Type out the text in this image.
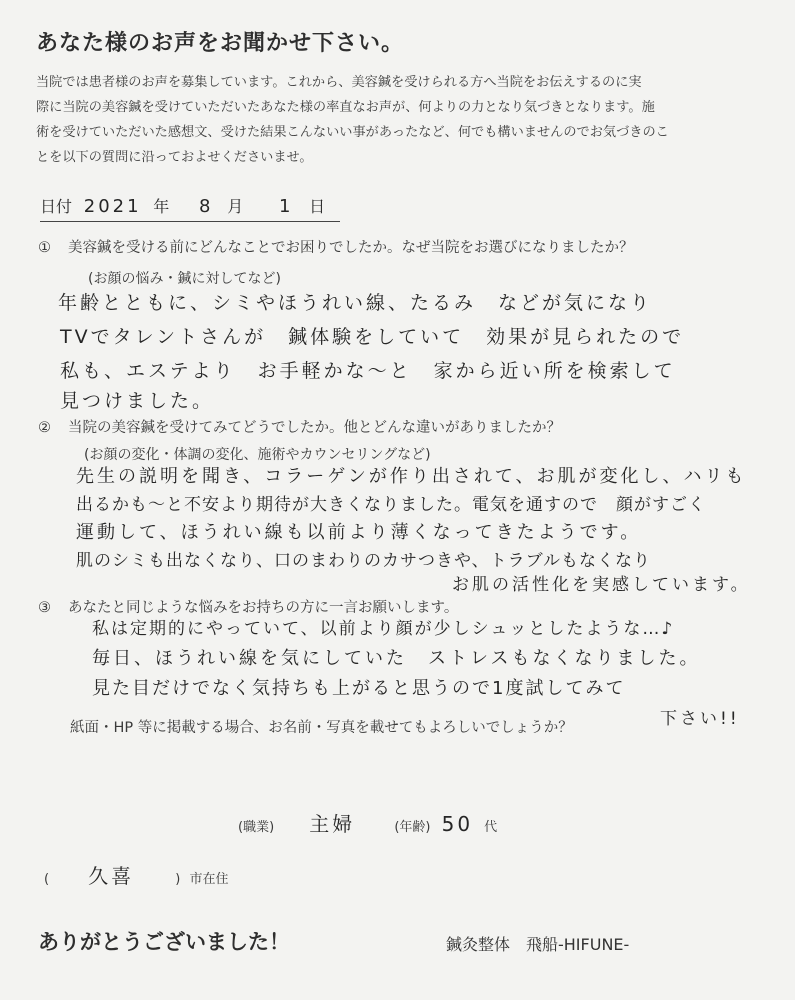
あなた様のお声をお聞かせ下さい。
当院では患者様のお声を募集しています。これから、美容鍼を受けられる方へ当院をお伝えするのに実
際に当院の美容鍼を受けていただいたあなた様の率直なお声が、何よりの力となり気づきとなります。施
術を受けていただいた感想文、受けた結果こんないい事があったなど、何でも構いませんのでお気づきのこ
とを以下の質問に沿っておよせくださいませ。
日付 2021 年 8 月 1 日
① 美容鍼を受ける前にどんなことでお困りでしたか。なぜ当院をお選びになりましたか？
(お顔の悩み・鍼に対してなど)
年齢とともに、シミやほうれい線、たるみ　などが気になり
TVでタレントさんが　鍼体験をしていて　効果が見られたので
私も、エステより　お手軽かな～と　家から近い所を検索して
見つけました。
② 当院の美容鍼を受けてみてどうでしたか。他とどんな違いがありましたか？
(お顔の変化・体調の変化、施術やカウンセリングなど)
先生の説明を聞き、コラーゲンが作り出されて、お肌が変化し、ハリも
出るかも～と不安より期待が大きくなりました。電気を通すので　顔がすごく
運動して、ほうれい線も以前より薄くなってきたようです。
肌のシミも出なくなり、口のまわりのカサつきや、トラブルもなくなり
お肌の活性化を実感しています。
③ あなたと同じような悩みをお持ちの方に一言お願いします。
私は定期的にやっていて、以前より顔が少しシュッとしたような…♪
毎日、ほうれい線を気にしていた　ストレスもなくなりました。
見た目だけでなく気持ちも上がると思うので1度試してみて
下さい!!
紙面・HP 等に掲載する場合、お名前・写真を載せてもよろしいでしょうか？
(職業) 主婦	(年齢) 50 代
( 久喜	) 市在住
ありがとうございました！	鍼灸整体　飛船-HIFUNE-
